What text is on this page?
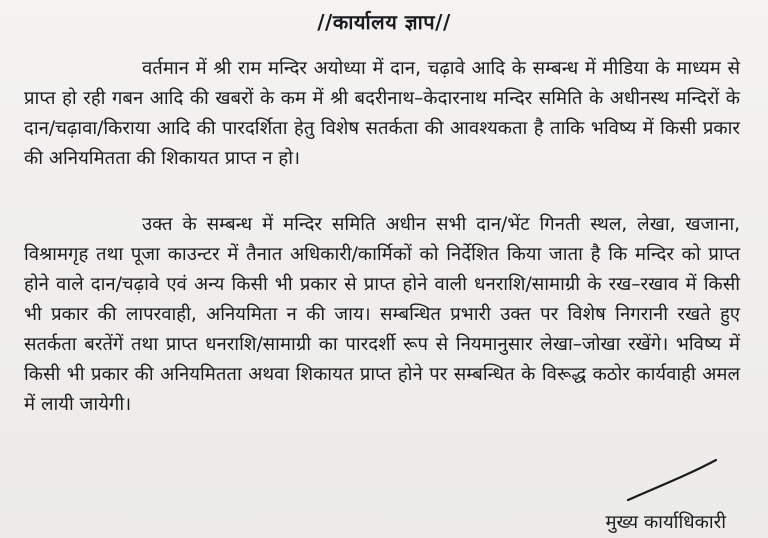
//कार्यालय ज्ञाप//

वर्तमान में श्री राम मन्दिर अयोध्या में दान, चढ़ावे आदि के सम्बन्ध में मीडिया के माध्यम से प्राप्त हो रही गबन आदि की खबरों के कम में श्री बदरीनाथ–केदारनाथ मन्दिर समिति के अधीनस्थ मन्दिरों के दान/चढ़ावा/किराया आदि की पारदर्शिता हेतु विशेष सतर्कता की आवश्यकता है ताकि भविष्य में किसी प्रकार की अनियमितता की शिकायत प्राप्त न हो।

उक्त के सम्बन्ध में मन्दिर समिति अधीन सभी दान/भेंट गिनती स्थल, लेखा, खजाना, विश्रामगृह तथा पूजा काउन्टर में तैनात अधिकारी/कार्मिकों को निर्देशित किया जाता है कि मन्दिर को प्राप्त होने वाले दान/चढ़ावे एवं अन्य किसी भी प्रकार से प्राप्त होने वाली धनराशि/सामाग्री के रख–रखाव में किसी भी प्रकार की लापरवाही, अनियमिता न की जाय। सम्बन्धित प्रभारी उक्त पर विशेष निगरानी रखते हुए सतर्कता बरतेंगें तथा प्राप्त धनराशि/सामाग्री का पारदर्शी रूप से नियमानुसार लेखा–जोखा रखेंगे। भविष्य में किसी भी प्रकार की अनियमितता अथवा शिकायत प्राप्त होने पर सम्बन्धित के विरूद्ध कठोर कार्यवाही अमल में लायी जायेगी।

मुख्य कार्याधिकारी
